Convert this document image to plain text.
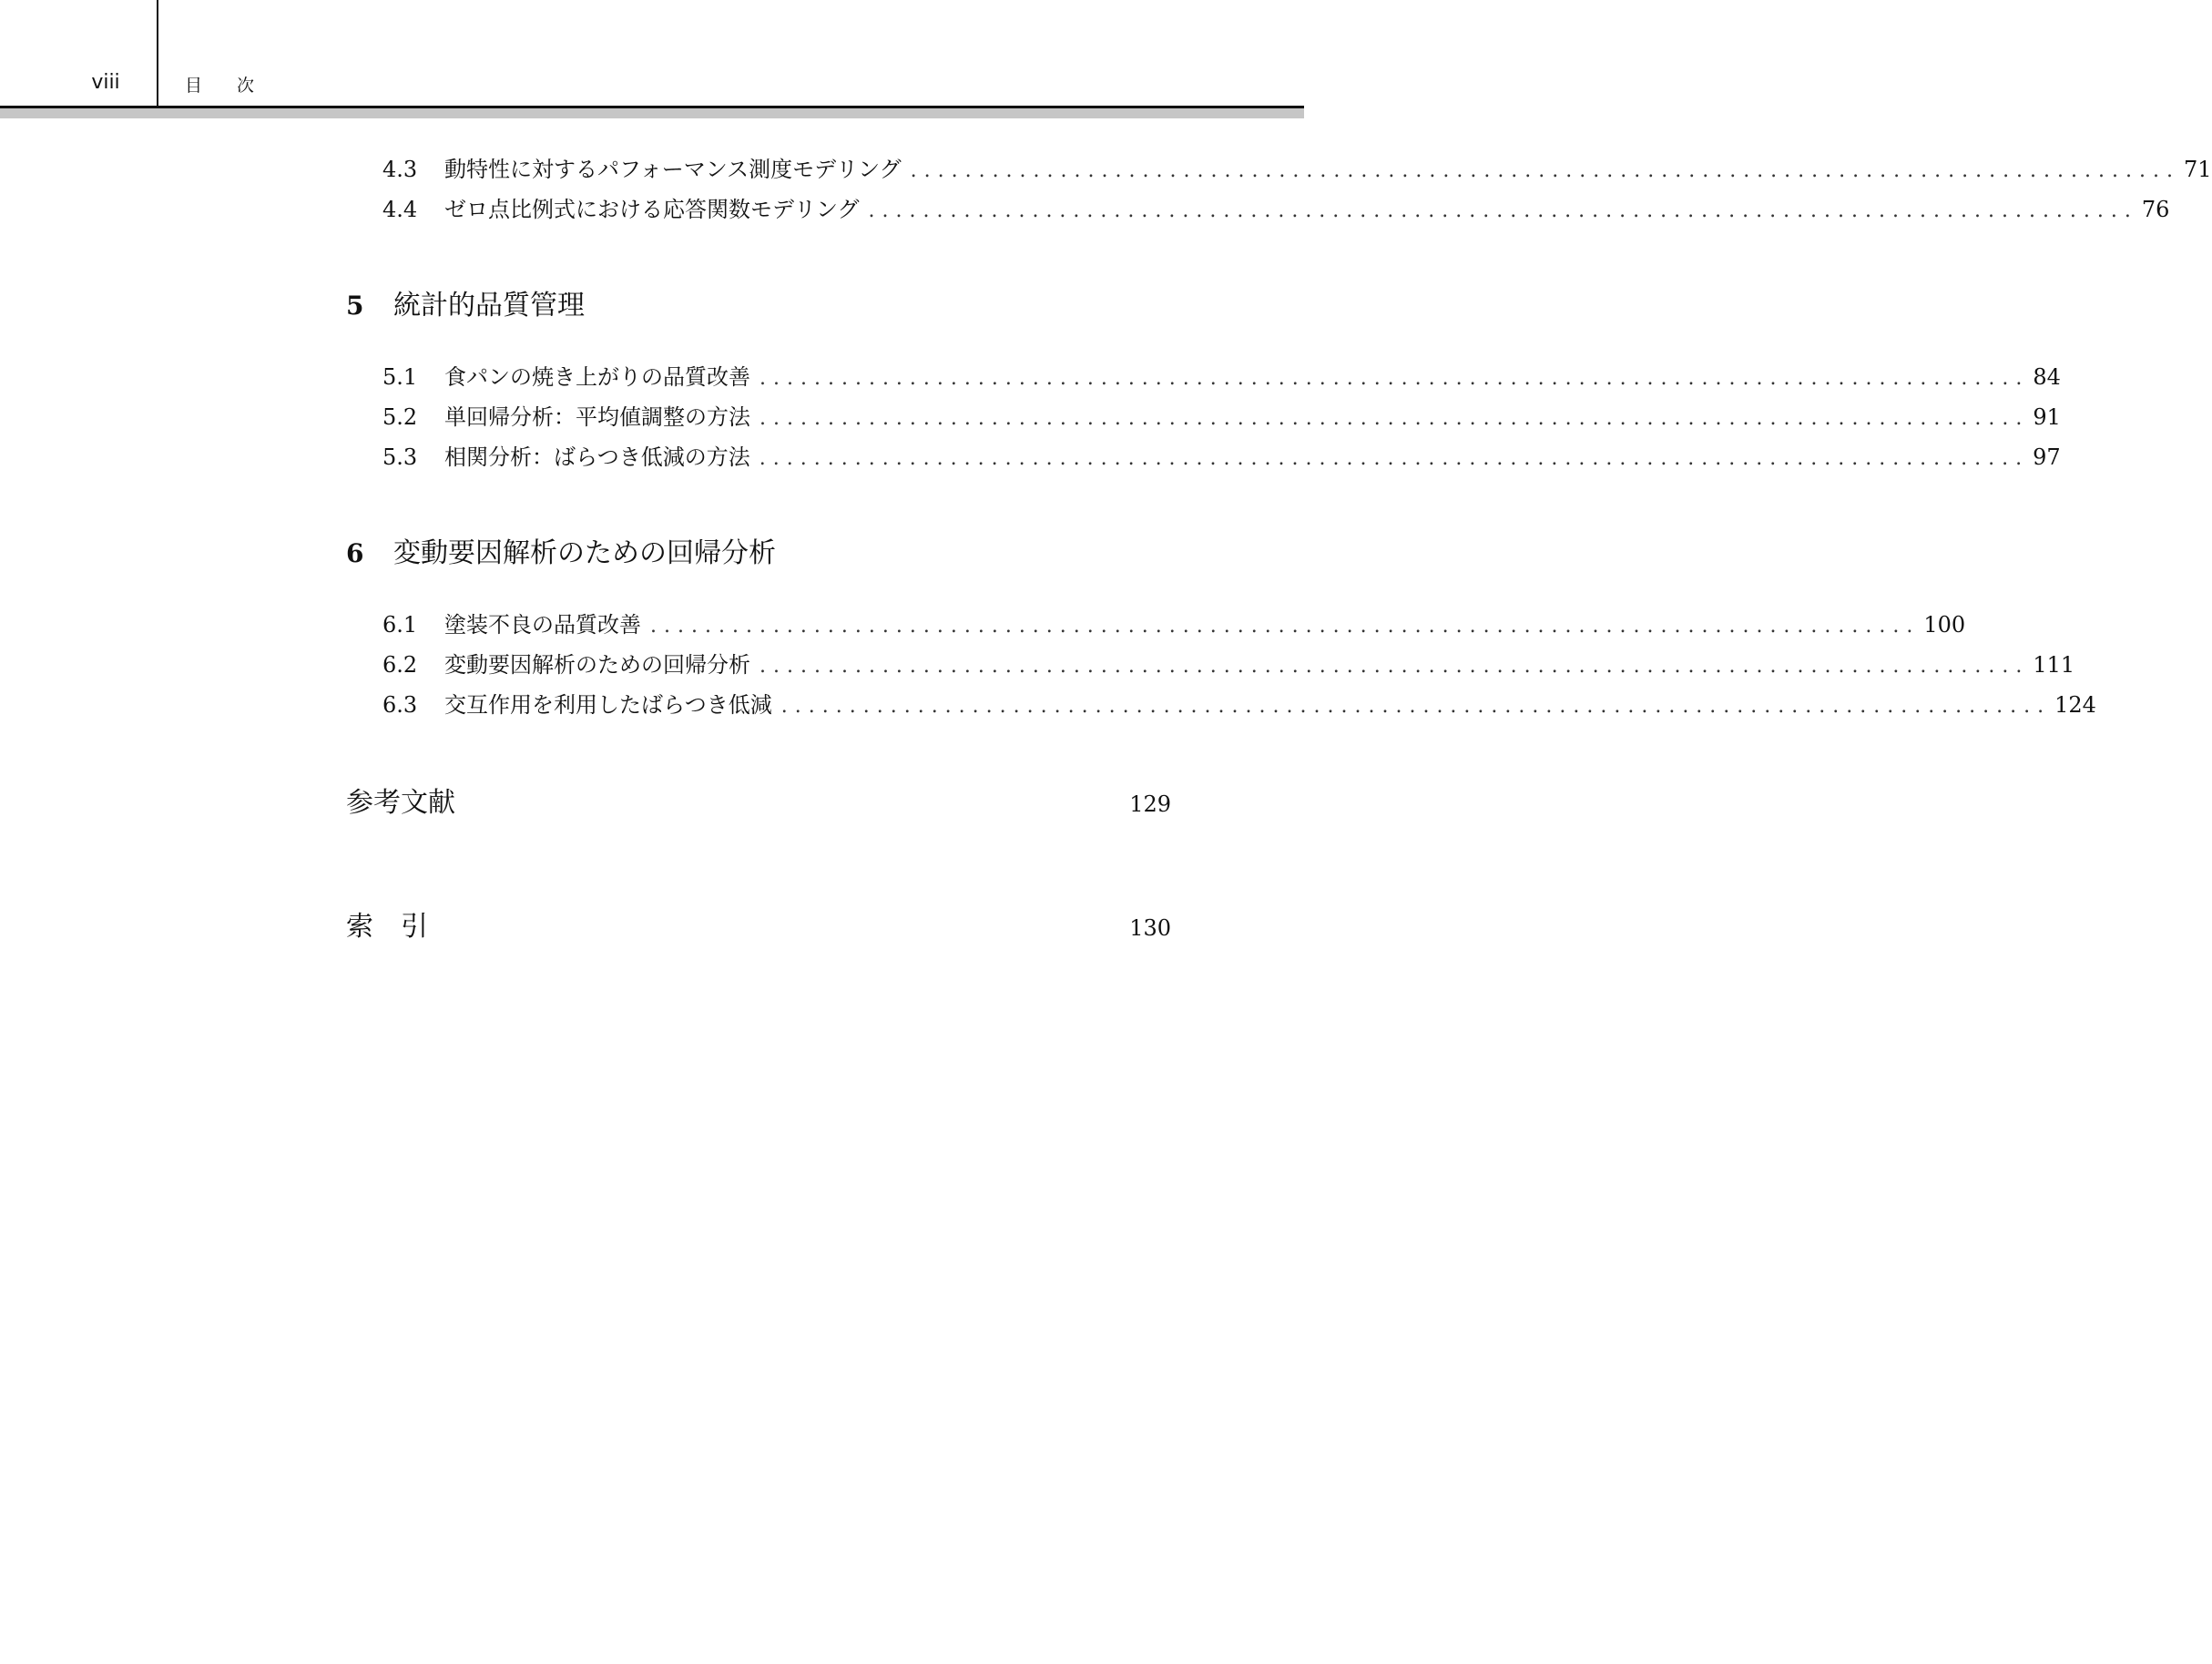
viii	目 次
4.3	動特性に対するパフォーマンス測度モデリング ............................................................................................. 71
4.4	ゼロ点比例式における応答関数モデリング ............................................................................................. 76
5	統計的品質管理
5.1	食パンの焼き上がりの品質改善 ............................................................................................. 84
5.2	単回帰分析：平均値調整の方法 ............................................................................................. 91
5.3	相関分析：ばらつき低減の方法 ............................................................................................. 97
6	変動要因解析のための回帰分析
6.1	塗装不良の品質改善 ............................................................................................. 100
6.2	変動要因解析のための回帰分析 ............................................................................................. 111
6.3	交互作用を利用したばらつき低減 ............................................................................................. 124
参考文献	129
索引	130
